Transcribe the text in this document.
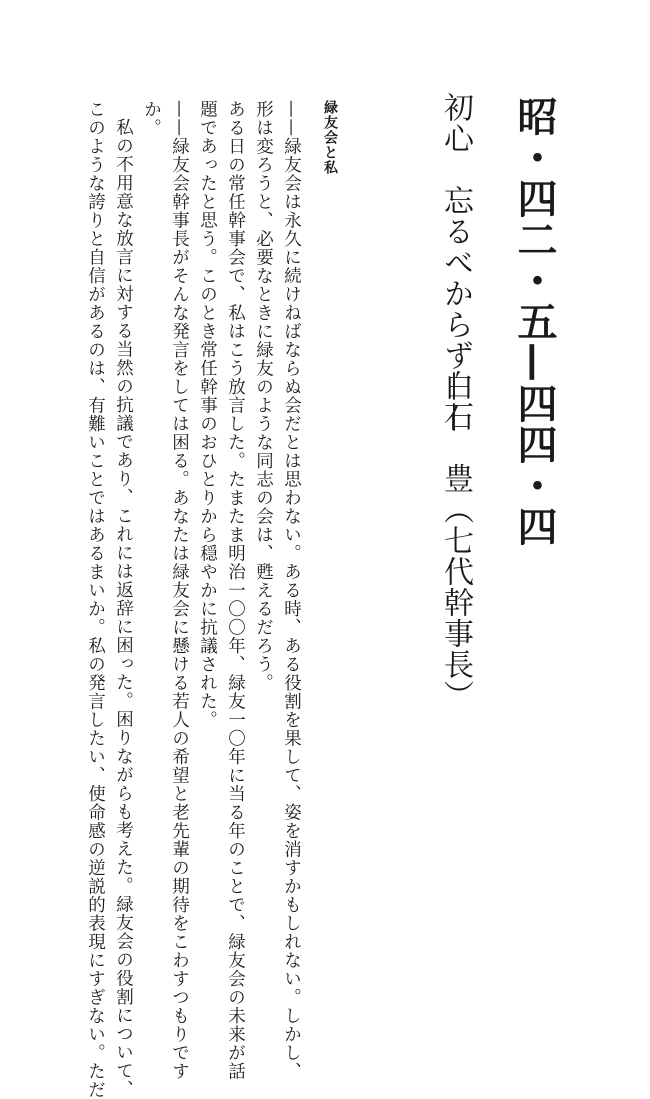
昭・四二・五—四四・四
初心　忘るべからず——
白石　豊（七代幹事長）
緑友会と私
——緑友会は永久に続けねばならぬ会だとは思わない。ある時、ある役割を果して、姿を消すかもしれない。しかし、
形は変ろうと、必要なときに緑友のような同志の会は、甦えるだろう。
ある日の常任幹事会で、私はこう放言した。たまたま明治一〇〇年、緑友一〇年に当る年のことで、緑友会の未来が話
題であったと思う。このとき常任幹事のおひとりから穏やかに抗議された。
——緑友会幹事長がそんな発言をしては困る。あなたは緑友会に懸ける若人の希望と老先輩の期待をこわすつもりです
か。
私の不用意な放言に対する当然の抗議であり、これには返辞に困った。困りながらも考えた。緑友会の役割について、
このような誇りと自信があるのは、有難いことではあるまいか。私の発言したい、使命感の逆説的表現にすぎない。ただ
